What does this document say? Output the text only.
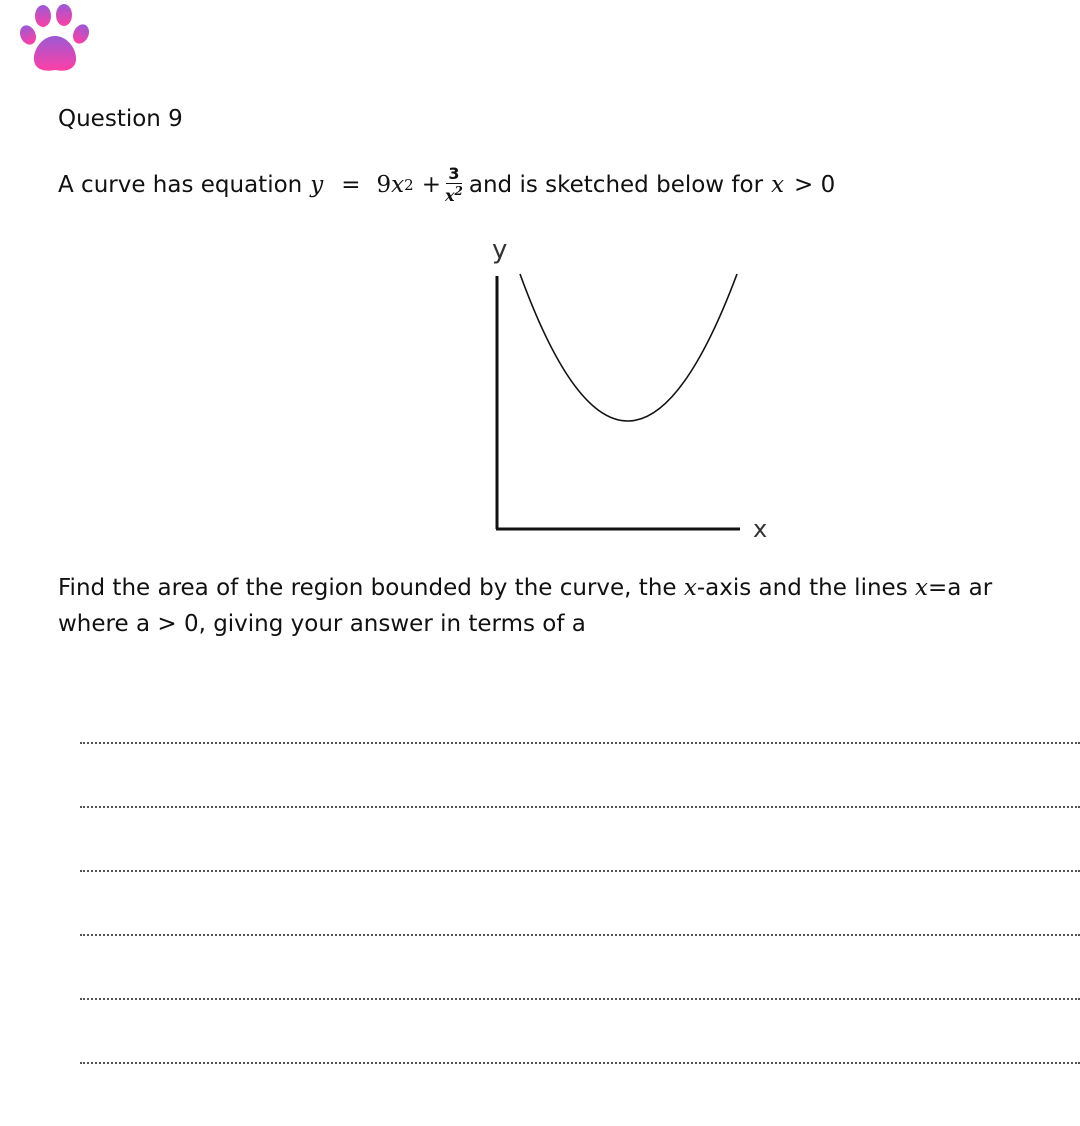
Question 9
A curve has equation y = 9 x $2 + \frac{3}{x^2}$ and is sketched below for x > 0
y
x
Find the area of the region bounded by the curve, the x-axis and the lines x=a ar
where a > 0, giving your answer in terms of a
